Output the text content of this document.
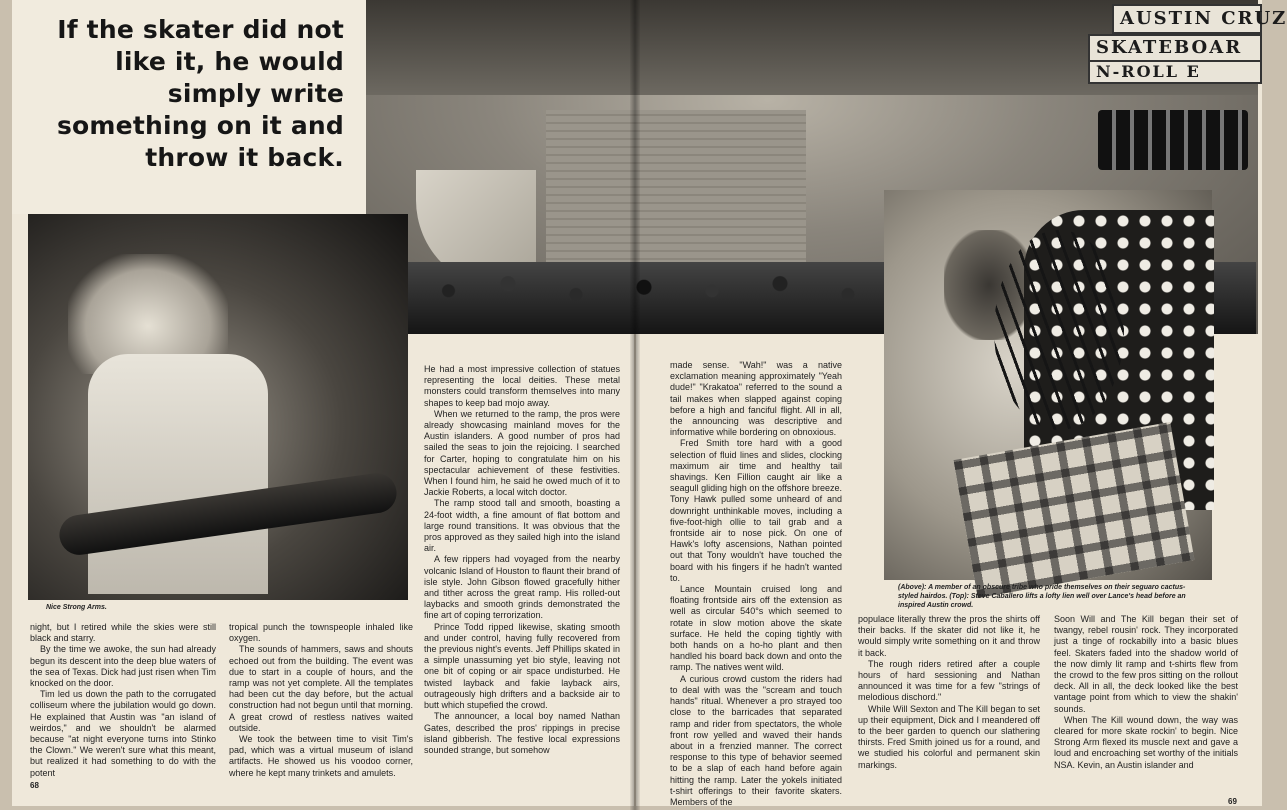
AUSTIN CRUZ
SKATEBOAR
N-ROLL E
If the skater did not like it, he would simply write something on it and throw it back.
Nice Strong Arms.
(Above): A member of an obscure tribe who pride themselves on their seguaro cactus-styled hairdos. (Top): Steve Caballero lifts a lofty lien well over Lance's head before an inspired Austin crowd.

night, but I retired while the skies were still black and starry.

By the time we awoke, the sun had already begun its descent into the deep blue waters of the sea of Texas. Dick had just risen when Tim knocked on the door.

Tim led us down the path to the corrugated colliseum where the jubilation would go down. He explained that Austin was "an island of weirdos," and we shouldn't be alarmed because "at night everyone turns into Stinko the Clown." We weren't sure what this meant, but realized it had something to do with the potent

tropical punch the townspeople inhaled like oxygen.

The sounds of hammers, saws and shouts echoed out from the building. The event was due to start in a couple of hours, and the ramp was not yet complete. All the templates had been cut the day before, but the actual construction had not begun until that morning. A great crowd of restless natives waited outside.

We took the between time to visit Tim's pad, which was a virtual museum of island artifacts. He showed us his voodoo corner, where he kept many trinkets and amulets.

He had a most impressive collection of statues representing the local deities. These metal monsters could transform themselves into many shapes to keep bad mojo away.

When we returned to the ramp, the pros were already showcasing mainland moves for the Austin islanders. A good number of pros had sailed the seas to join the rejoicing. I searched for Carter, hoping to congratulate him on his spectacular achievement of these festivities. When I found him, he said he owed much of it to Jackie Roberts, a local witch doctor.

The ramp stood tall and smooth, boasting a 24-foot width, a fine amount of flat bottom and large round transitions. It was obvious that the pros approved as they sailed high into the island air.

A few rippers had voyaged from the nearby volcanic Island of Houston to flaunt their brand of isle style. John Gibson flowed gracefully hither and tither across the great ramp. His rolled-out laybacks and smooth grinds demonstrated the fine art of coping terrorization.

Prince Todd ripped likewise, skating smooth and under control, having fully recovered from the previous night's events. Jeff Phillips skated in a simple unassuming yet bio style, leaving not one bit of coping or air space undisturbed. He twisted layback and fakie layback airs, outrageously high drifters and a backside air to butt which stupefied the crowd.

The announcer, a local boy named Nathan Gates, described the pros' rippings in precise island gibberish. The festive local expressions sounded strange, but somehow

made sense. "Wah!" was a native exclamation meaning approximately "Yeah dude!" "Krakatoa" referred to the sound a tail makes when slapped against coping before a high and fanciful flight. All in all, the announcing was descriptive and informative while bordering on obnoxious.

Fred Smith tore hard with a good selection of fluid lines and slides, clocking maximum air time and healthy tail shavings. Ken Fillion caught air like a seagull gliding high on the offshore breeze. Tony Hawk pulled some unheard of and downright unthinkable moves, including a five-foot-high ollie to tail grab and a frontside air to nose pick. On one of Hawk's lofty ascensions, Nathan pointed out that Tony wouldn't have touched the board with his fingers if he hadn't wanted to.

Lance Mountain cruised long and floating frontside airs off the extension as well as circular 540°s which seemed to rotate in slow motion above the skate surface. He held the coping tightly with both hands on a ho-ho plant and then handled his board back down and onto the ramp. The natives went wild.

A curious crowd custom the riders had to deal with was the "scream and touch hands" ritual. Whenever a pro strayed too close to the barricades that separated ramp and rider from spectators, the whole front row yelled and waved their hands about in a frenzied manner. The correct response to this type of behavior seemed to be a slap of each hand before again hitting the ramp. Later the yokels initiated t-shirt offerings to their favorite skaters. Members of the

populace literally threw the pros the shirts off their backs. If the skater did not like it, he would simply write something on it and throw it back.

The rough riders retired after a couple hours of hard sessioning and Nathan announced it was time for a few "strings of melodious dischord."

While Will Sexton and The Kill began to set up their equipment, Dick and I meandered off to the beer garden to quench our slathering thirsts. Fred Smith joined us for a round, and we studied his colorful and permanent skin markings.

Soon Will and The Kill began their set of twangy, rebel rousin' rock. They incorporated just a tinge of rockabilly into a basic blues feel. Skaters faded into the shadow world of the now dimly lit ramp and t-shirts flew from the crowd to the few pros sitting on the rollout deck. All in all, the deck looked like the best vantage point from which to view the shakin' sounds.

When The Kill wound down, the way was cleared for more skate rockin' to begin. Nice Strong Arm flexed its muscle next and gave a loud and encroaching set worthy of the initials NSA. Kevin, an Austin islander and

68
69
